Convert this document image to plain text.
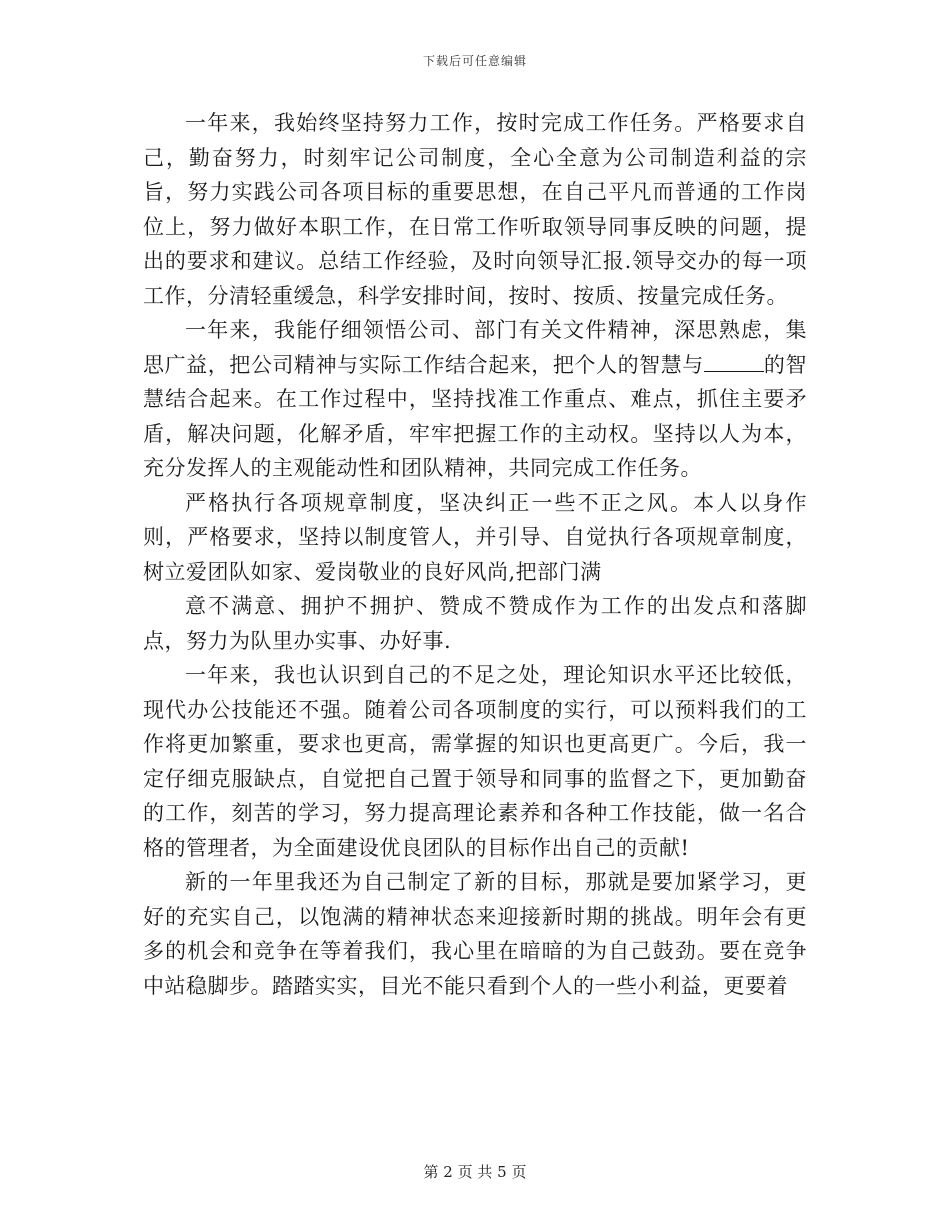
下载后可任意编辑

一年来，我始终坚持努力工作，按时完成工作任务。严格要求自己，勤奋努力，时刻牢记公司制度，全心全意为公司制造利益的宗旨，努力实践公司各项目标的重要思想，在自己平凡而普通的工作岗位上，努力做好本职工作，在日常工作听取领导同事反映的问题，提出的要求和建议。总结工作经验，及时向领导汇报.领导交办的每一项工作，分清轻重缓急，科学安排时间，按时、按质、按量完成任务。

一年来，我能仔细领悟公司、部门有关文件精神，深思熟虑，集思广益，把公司精神与实际工作结合起来，把个人的智慧与	的智慧结合起来。在工作过程中，坚持找准工作重点、难点，抓住主要矛盾，解决问题，化解矛盾，牢牢把握工作的主动权。坚持以人为本，充分发挥人的主观能动性和团队精神，共同完成工作任务。

严格执行各项规章制度，坚决纠正一些不正之风。本人以身作则，严格要求，坚持以制度管人，并引导、自觉执行各项规章制度，树立爱团队如家、爱岗敬业的良好风尚,把部门满

意不满意、拥护不拥护、赞成不赞成作为工作的出发点和落脚点，努力为队里办实事、办好事.

一年来，我也认识到自己的不足之处，理论知识水平还比较低，现代办公技能还不强。随着公司各项制度的实行，可以预料我们的工作将更加繁重，要求也更高，需掌握的知识也更高更广。今后，我一定仔细克服缺点，自觉把自己置于领导和同事的监督之下，更加勤奋的工作，刻苦的学习，努力提高理论素养和各种工作技能，做一名合格的管理者，为全面建设优良团队的目标作出自己的贡献!

新的一年里我还为自己制定了新的目标，那就是要加紧学习，更好的充实自己，以饱满的精神状态来迎接新时期的挑战。明年会有更多的机会和竞争在等着我们，我心里在暗暗的为自己鼓劲。要在竞争中站稳脚步。踏踏实实，目光不能只看到个人的一些小利益，更要着

第 2 页 共 5 页
